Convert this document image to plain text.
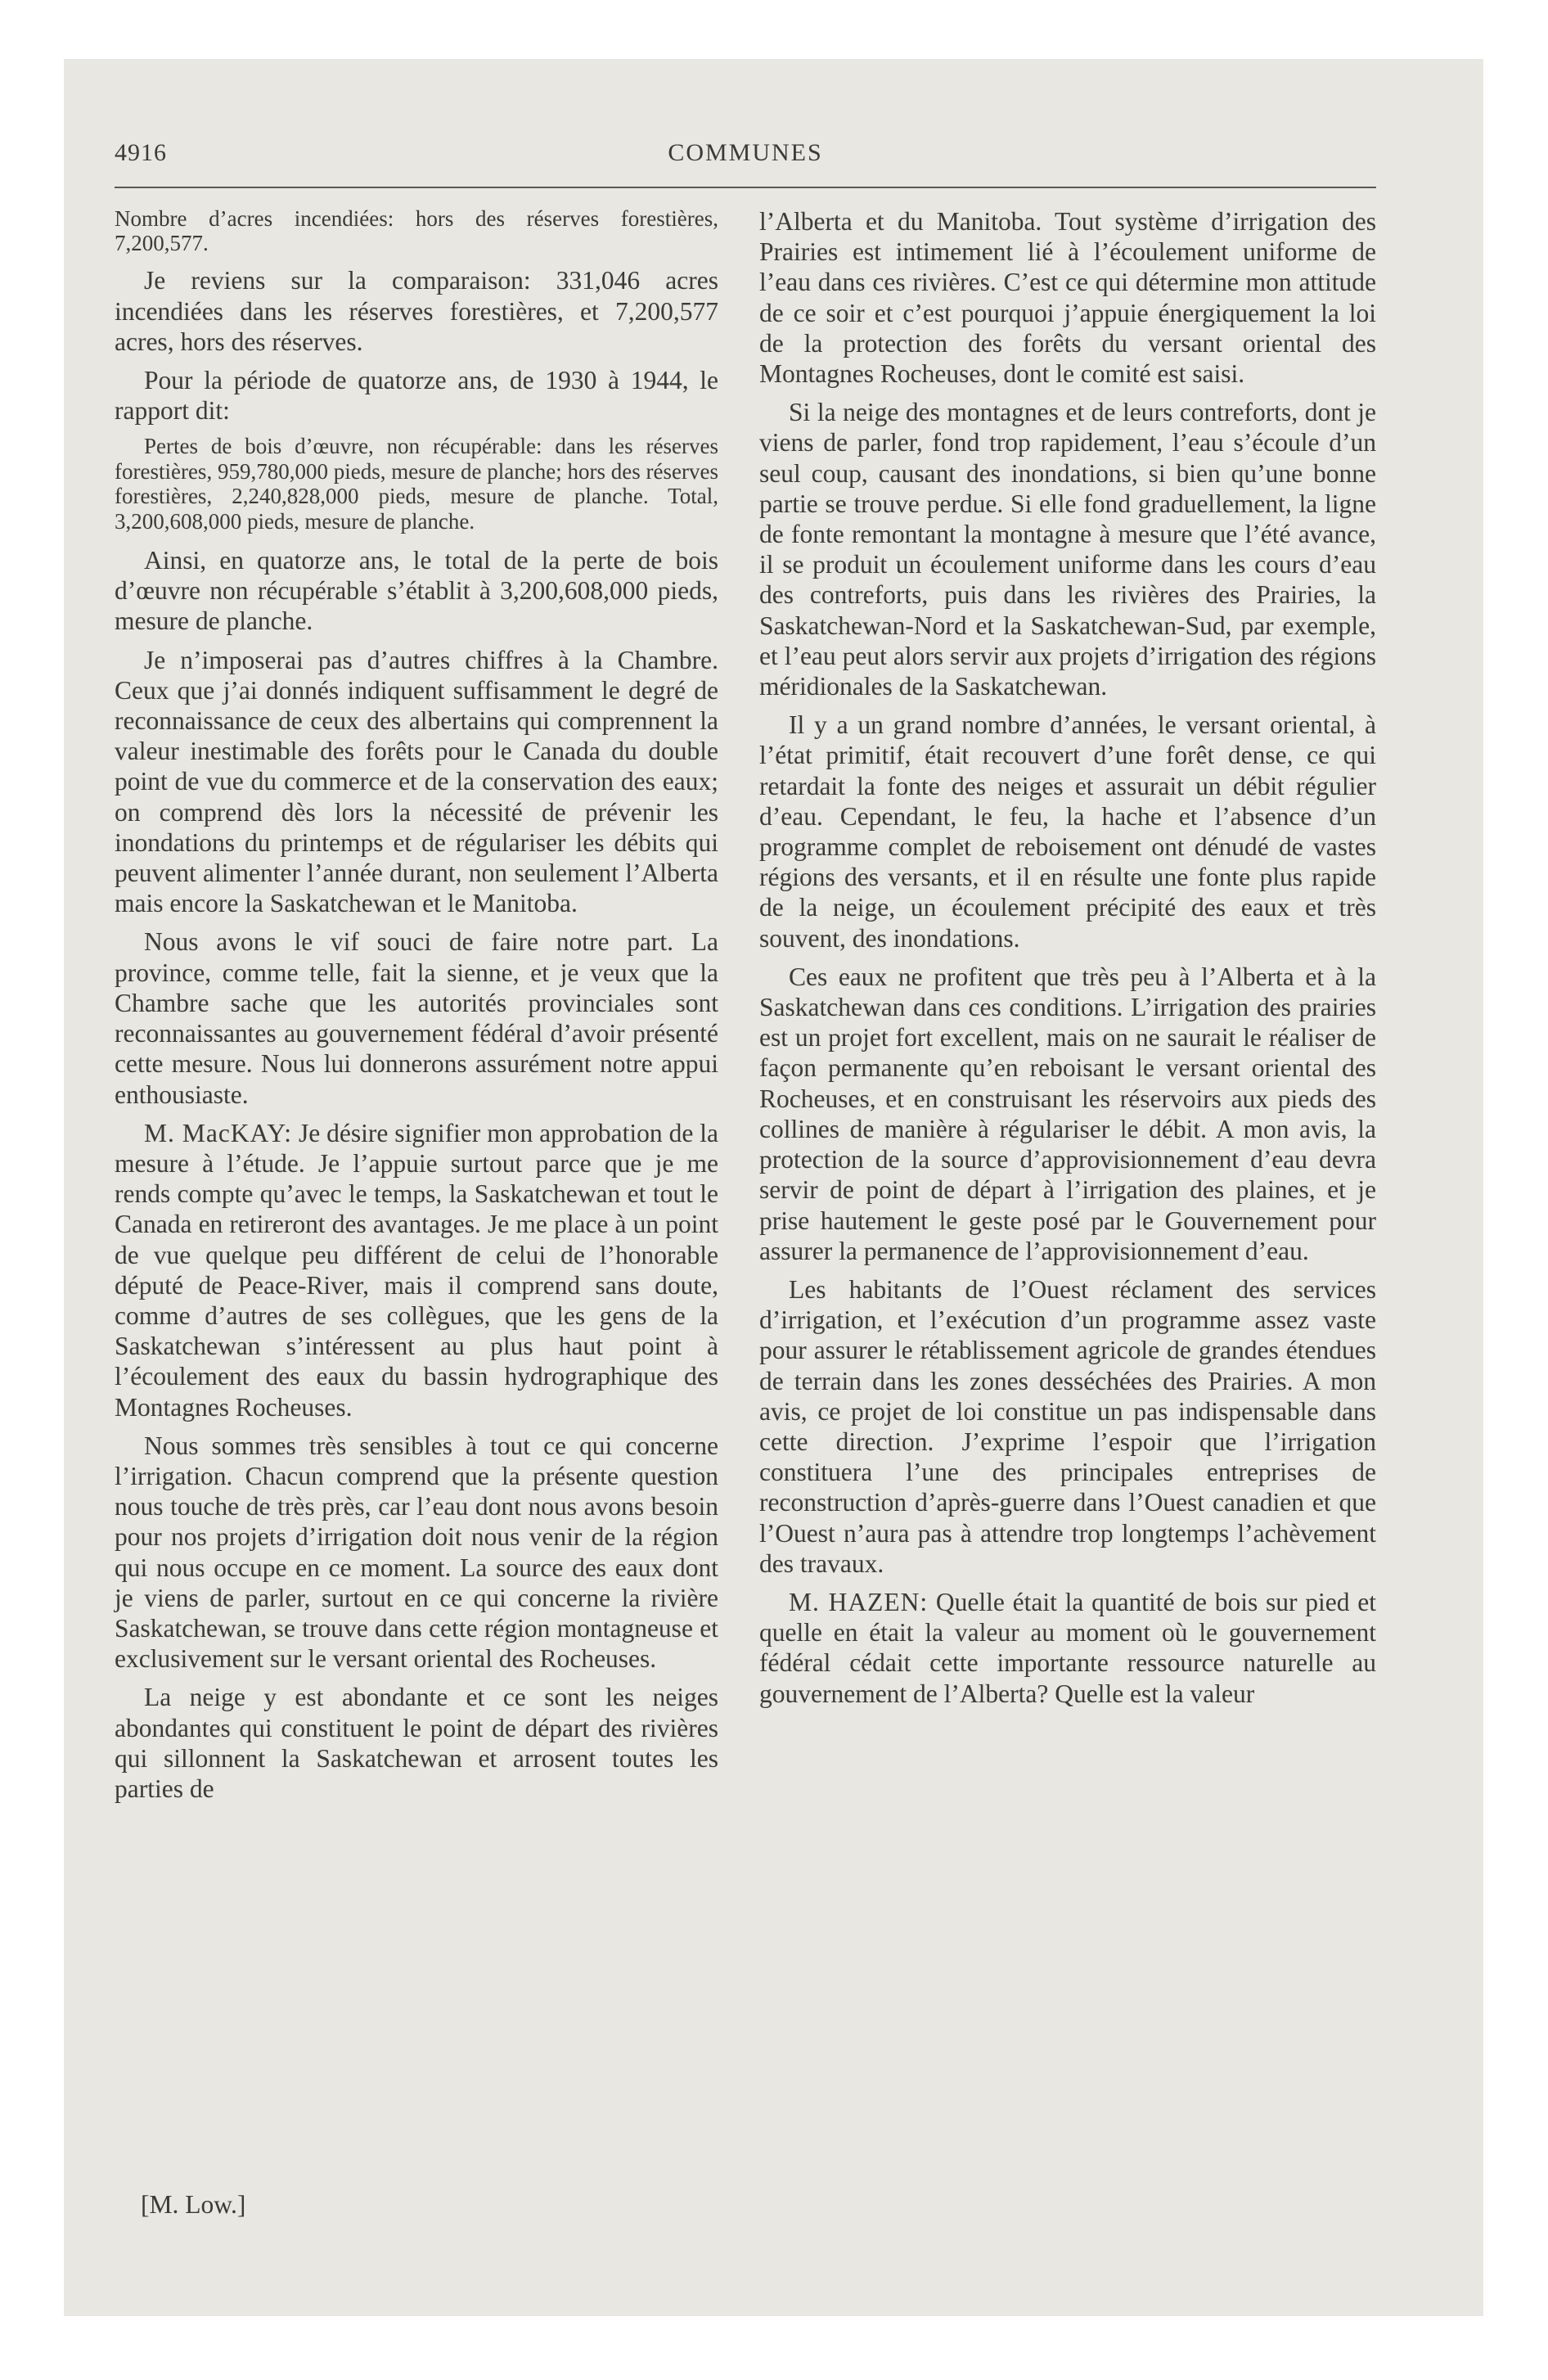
4916	COMMUNES

Nombre d’acres incendiées: hors des réserves forestières, 7,200,577.

Je reviens sur la comparaison: 331,046 acres incendiées dans les réserves forestières, et 7,200,577 acres, hors des réserves.

Pour la période de quatorze ans, de 1930 à 1944, le rapport dit:

Pertes de bois d’œuvre, non récupérable: dans les réserves forestières, 959,780,000 pieds, mesure de planche; hors des réserves forestières, 2,240,828,000 pieds, mesure de planche. Total, 3,200,608,000 pieds, mesure de planche.

Ainsi, en quatorze ans, le total de la perte de bois d’œuvre non récupérable s’établit à 3,200,608,000 pieds, mesure de planche.

Je n’imposerai pas d’autres chiffres à la Chambre. Ceux que j’ai donnés indiquent suffisamment le degré de reconnaissance de ceux des albertains qui comprennent la valeur inestimable des forêts pour le Canada du double point de vue du commerce et de la conservation des eaux; on comprend dès lors la nécessité de prévenir les inondations du printemps et de régulariser les débits qui peuvent alimenter l’année durant, non seulement l’Alberta mais encore la Saskatchewan et le Manitoba.

Nous avons le vif souci de faire notre part. La province, comme telle, fait la sienne, et je veux que la Chambre sache que les autorités provinciales sont reconnaissantes au gouvernement fédéral d’avoir présenté cette mesure. Nous lui donnerons assurément notre appui enthousiaste.

M. MacKAY: Je désire signifier mon approbation de la mesure à l’étude. Je l’appuie surtout parce que je me rends compte qu’avec le temps, la Saskatchewan et tout le Canada en retireront des avantages. Je me place à un point de vue quelque peu différent de celui de l’honorable député de Peace-River, mais il comprend sans doute, comme d’autres de ses collègues, que les gens de la Saskatchewan s’intéressent au plus haut point à l’écoulement des eaux du bassin hydrographique des Montagnes Rocheuses.

Nous sommes très sensibles à tout ce qui concerne l’irrigation. Chacun comprend que la présente question nous touche de très près, car l’eau dont nous avons besoin pour nos projets d’irrigation doit nous venir de la région qui nous occupe en ce moment. La source des eaux dont je viens de parler, surtout en ce qui concerne la rivière Saskatchewan, se trouve dans cette région montagneuse et exclusivement sur le versant oriental des Rocheuses.

La neige y est abondante et ce sont les neiges abondantes qui constituent le point de départ des rivières qui sillonnent la Saskatchewan et arrosent toutes les parties de

[M. Low.]

l’Alberta et du Manitoba. Tout système d’irrigation des Prairies est intimement lié à l’écoulement uniforme de l’eau dans ces rivières. C’est ce qui détermine mon attitude de ce soir et c’est pourquoi j’appuie énergiquement la loi de la protection des forêts du versant oriental des Montagnes Rocheuses, dont le comité est saisi.

Si la neige des montagnes et de leurs contreforts, dont je viens de parler, fond trop rapidement, l’eau s’écoule d’un seul coup, causant des inondations, si bien qu’une bonne partie se trouve perdue. Si elle fond graduellement, la ligne de fonte remontant la montagne à mesure que l’été avance, il se produit un écoulement uniforme dans les cours d’eau des contreforts, puis dans les rivières des Prairies, la Saskatchewan-Nord et la Saskatchewan-Sud, par exemple, et l’eau peut alors servir aux projets d’irrigation des régions méridionales de la Saskatchewan.

Il y a un grand nombre d’années, le versant oriental, à l’état primitif, était recouvert d’une forêt dense, ce qui retardait la fonte des neiges et assurait un débit régulier d’eau. Cependant, le feu, la hache et l’absence d’un programme complet de reboisement ont dénudé de vastes régions des versants, et il en résulte une fonte plus rapide de la neige, un écoulement précipité des eaux et très souvent, des inondations.

Ces eaux ne profitent que très peu à l’Alberta et à la Saskatchewan dans ces conditions. L’irrigation des prairies est un projet fort excellent, mais on ne saurait le réaliser de façon permanente qu’en reboisant le versant oriental des Rocheuses, et en construisant les réservoirs aux pieds des collines de manière à régulariser le débit. A mon avis, la protection de la source d’approvisionnement d’eau devra servir de point de départ à l’irrigation des plaines, et je prise hautement le geste posé par le Gouvernement pour assurer la permanence de l’approvisionnement d’eau.

Les habitants de l’Ouest réclament des services d’irrigation, et l’exécution d’un programme assez vaste pour assurer le rétablissement agricole de grandes étendues de terrain dans les zones desséchées des Prairies. A mon avis, ce projet de loi constitue un pas indispensable dans cette direction. J’exprime l’espoir que l’irrigation constituera l’une des principales entreprises de reconstruction d’après-guerre dans l’Ouest canadien et que l’Ouest n’aura pas à attendre trop longtemps l’achèvement des travaux.

M. HAZEN: Quelle était la quantité de bois sur pied et quelle en était la valeur au moment où le gouvernement fédéral cédait cette importante ressource naturelle au gouvernement de l’Alberta? Quelle est la valeur
